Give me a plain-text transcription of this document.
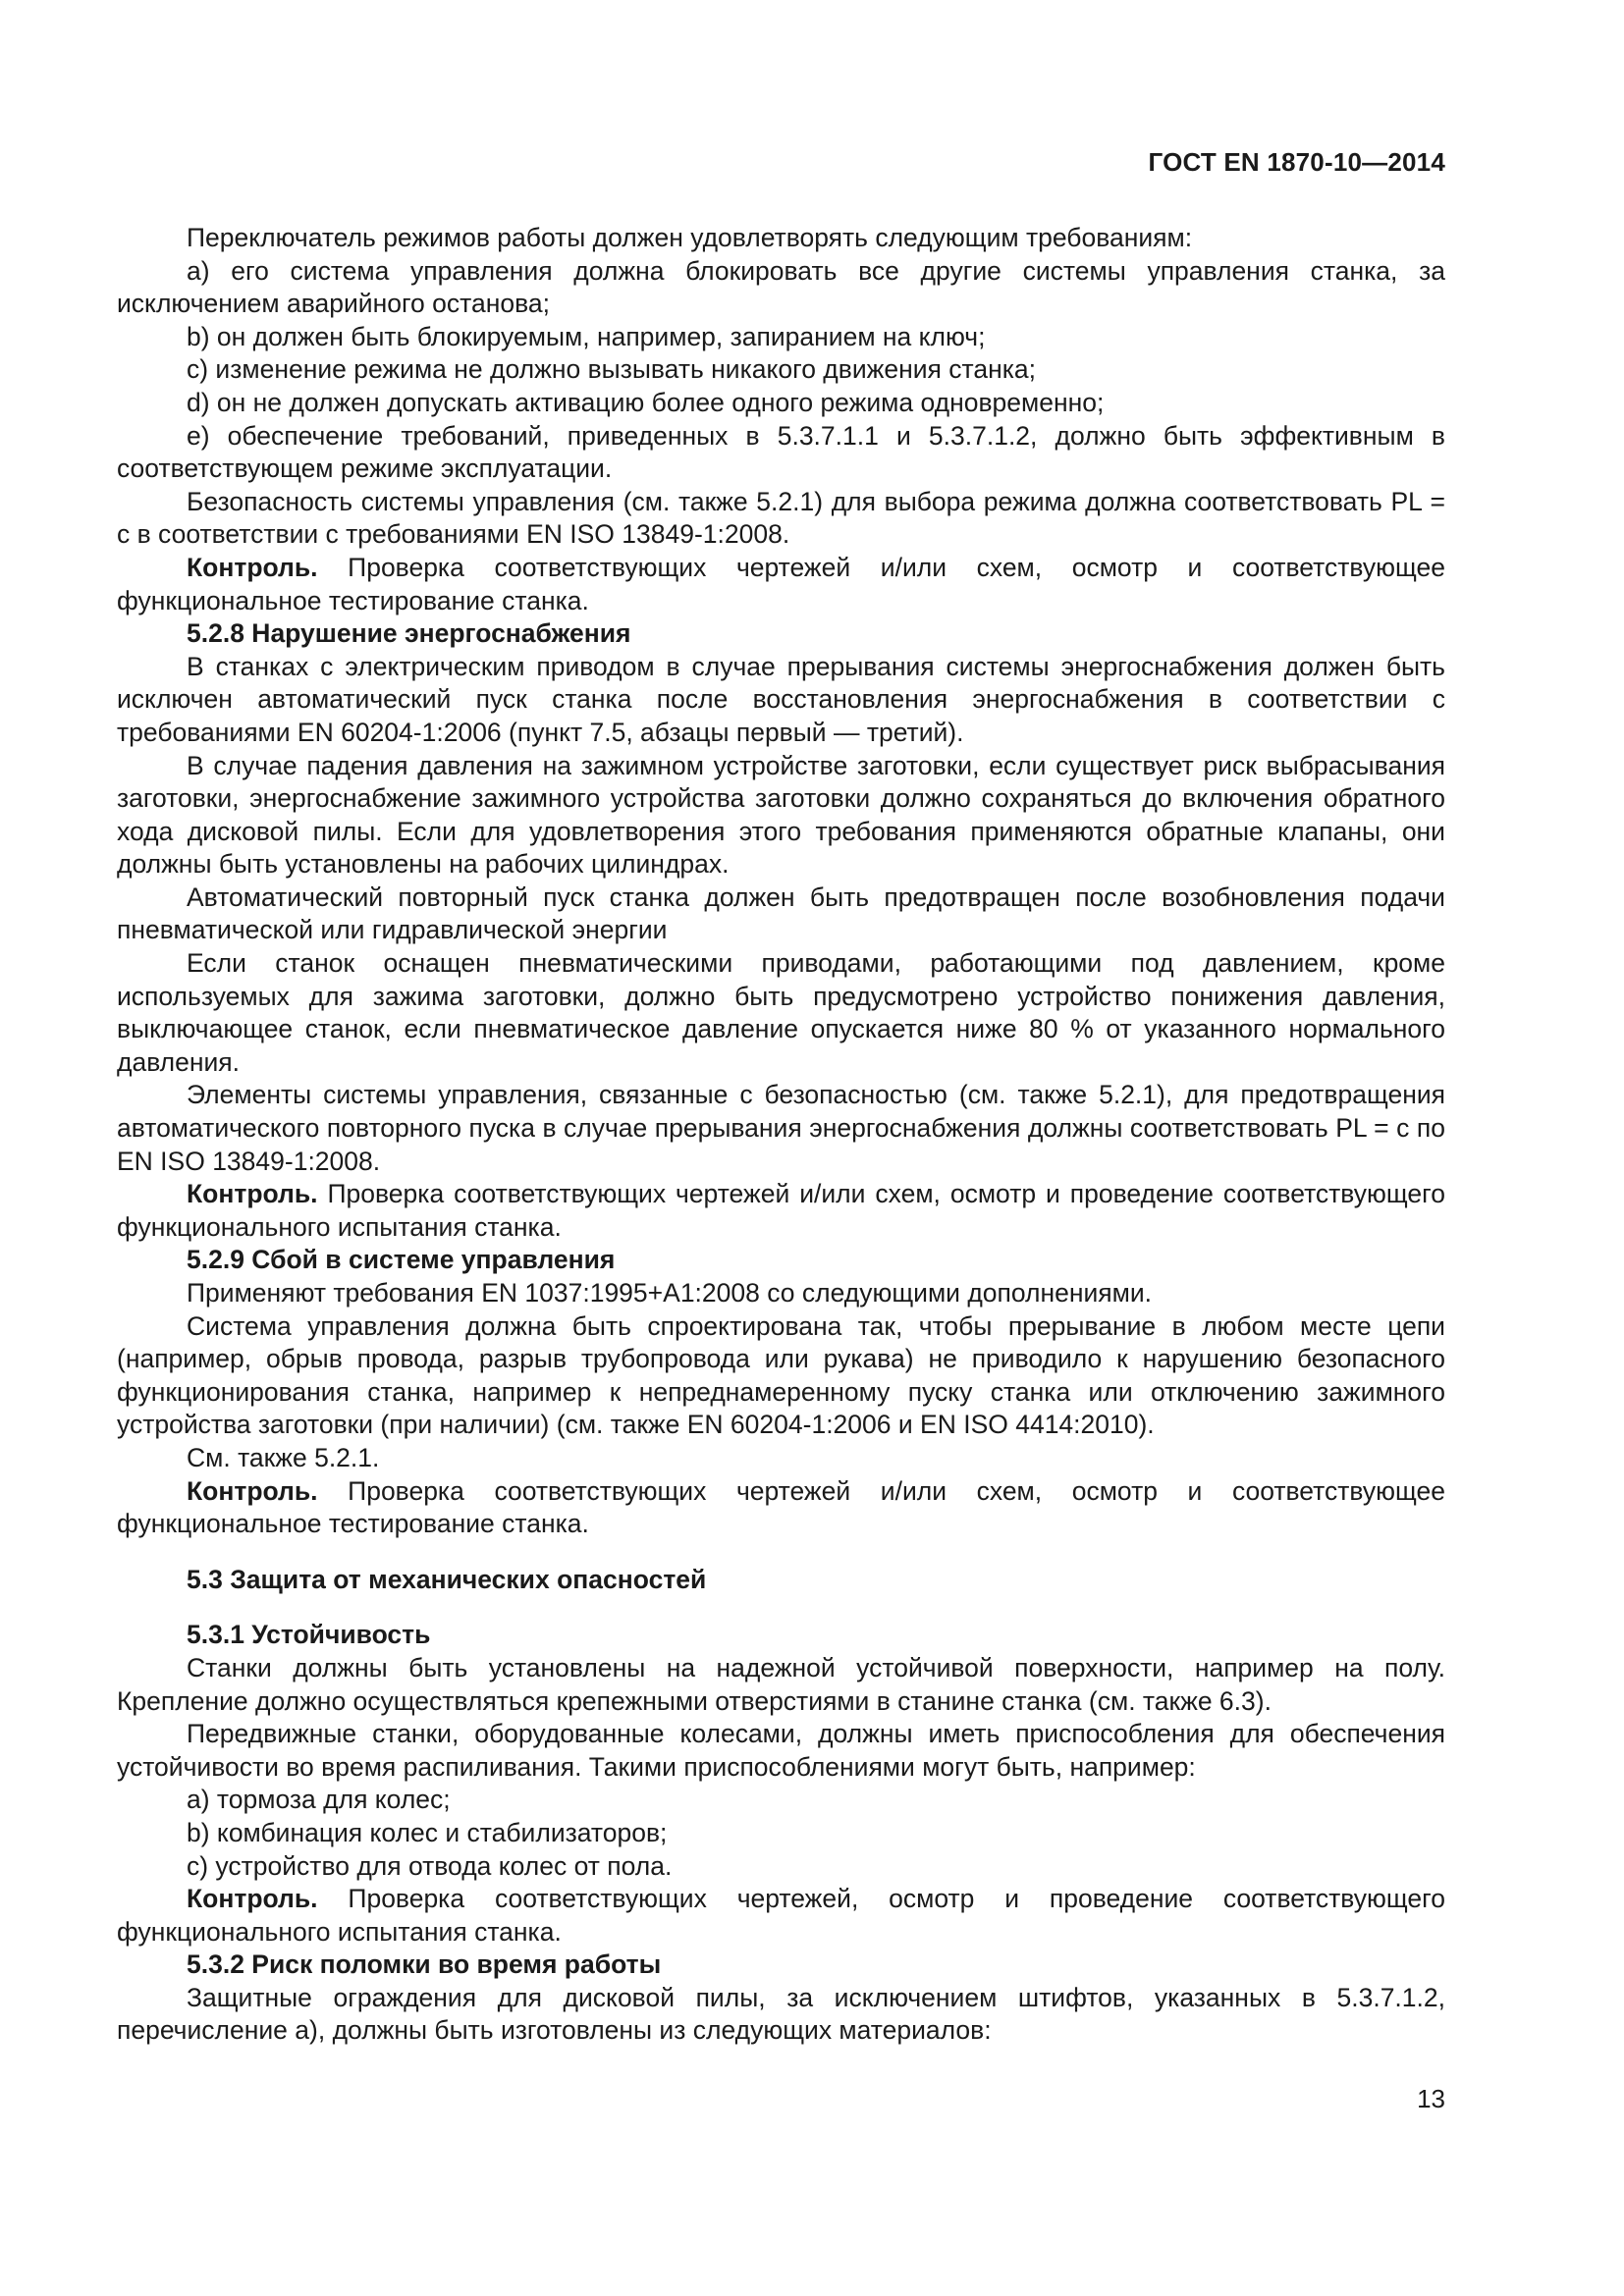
ГОСТ EN 1870-10—2014

Переключатель режимов работы должен удовлетворять следующим требованиям:

a) его система управления должна блокировать все другие системы управления станка, за исключением аварийного останова;

b) он должен быть блокируемым, например, запиранием на ключ;

c) изменение режима не должно вызывать никакого движения станка;

d) он не должен допускать активацию более одного режима одновременно;

e) обеспечение требований, приведенных в 5.3.7.1.1 и 5.3.7.1.2, должно быть эффективным в соответствующем режиме эксплуатации.

Безопасность системы управления (см. также 5.2.1) для выбора режима должна соответствовать PL = c в соответствии с требованиями EN ISO 13849-1:2008.

Контроль. Проверка соответствующих чертежей и/или схем, осмотр и соответствующее функциональное тестирование станка.

5.2.8 Нарушение энергоснабжения

В станках с электрическим приводом в случае прерывания системы энергоснабжения должен быть исключен автоматический пуск станка после восстановления энергоснабжения в соответствии с требованиями EN 60204-1:2006 (пункт 7.5, абзацы первый — третий).

В случае падения давления на зажимном устройстве заготовки, если существует риск выбрасывания заготовки, энергоснабжение зажимного устройства заготовки должно сохраняться до включения обратного хода дисковой пилы. Если для удовлетворения этого требования применяются обратные клапаны, они должны быть установлены на рабочих цилиндрах.

Автоматический повторный пуск станка должен быть предотвращен после возобновления подачи пневматической или гидравлической энергии

Если станок оснащен пневматическими приводами, работающими под давлением, кроме используемых для зажима заготовки, должно быть предусмотрено устройство понижения давления, выключающее станок, если пневматическое давление опускается ниже 80 % от указанного нормального давления.

Элементы системы управления, связанные с безопасностью (см. также 5.2.1), для предотвращения автоматического повторного пуска в случае прерывания энергоснабжения должны соответствовать PL = c по EN ISO 13849-1:2008.

Контроль. Проверка соответствующих чертежей и/или схем, осмотр и проведение соответствующего функционального испытания станка.

5.2.9 Сбой в системе управления

Применяют требования EN 1037:1995+A1:2008 со следующими дополнениями.

Система управления должна быть спроектирована так, чтобы прерывание в любом месте цепи (например, обрыв провода, разрыв трубопровода или рукава) не приводило к нарушению безопасного функционирования станка, например к непреднамеренному пуску станка или отключению зажимного устройства заготовки (при наличии) (см. также EN 60204-1:2006 и EN ISO 4414:2010).

См. также 5.2.1.

Контроль. Проверка соответствующих чертежей и/или схем, осмотр и соответствующее функциональное тестирование станка.

5.3 Защита от механических опасностей

5.3.1 Устойчивость

Станки должны быть установлены на надежной устойчивой поверхности, например на полу. Крепление должно осуществляться крепежными отверстиями в станине станка (см. также 6.3).

Передвижные станки, оборудованные колесами, должны иметь приспособления для обеспечения устойчивости во время распиливания. Такими приспособлениями могут быть, например:

a) тормоза для колес;

b) комбинация колес и стабилизаторов;

c) устройство для отвода колес от пола.

Контроль. Проверка соответствующих чертежей, осмотр и проведение соответствующего функционального испытания станка.

5.3.2 Риск поломки во время работы

Защитные ограждения для дисковой пилы, за исключением штифтов, указанных в 5.3.7.1.2, перечисление a), должны быть изготовлены из следующих материалов:

13
